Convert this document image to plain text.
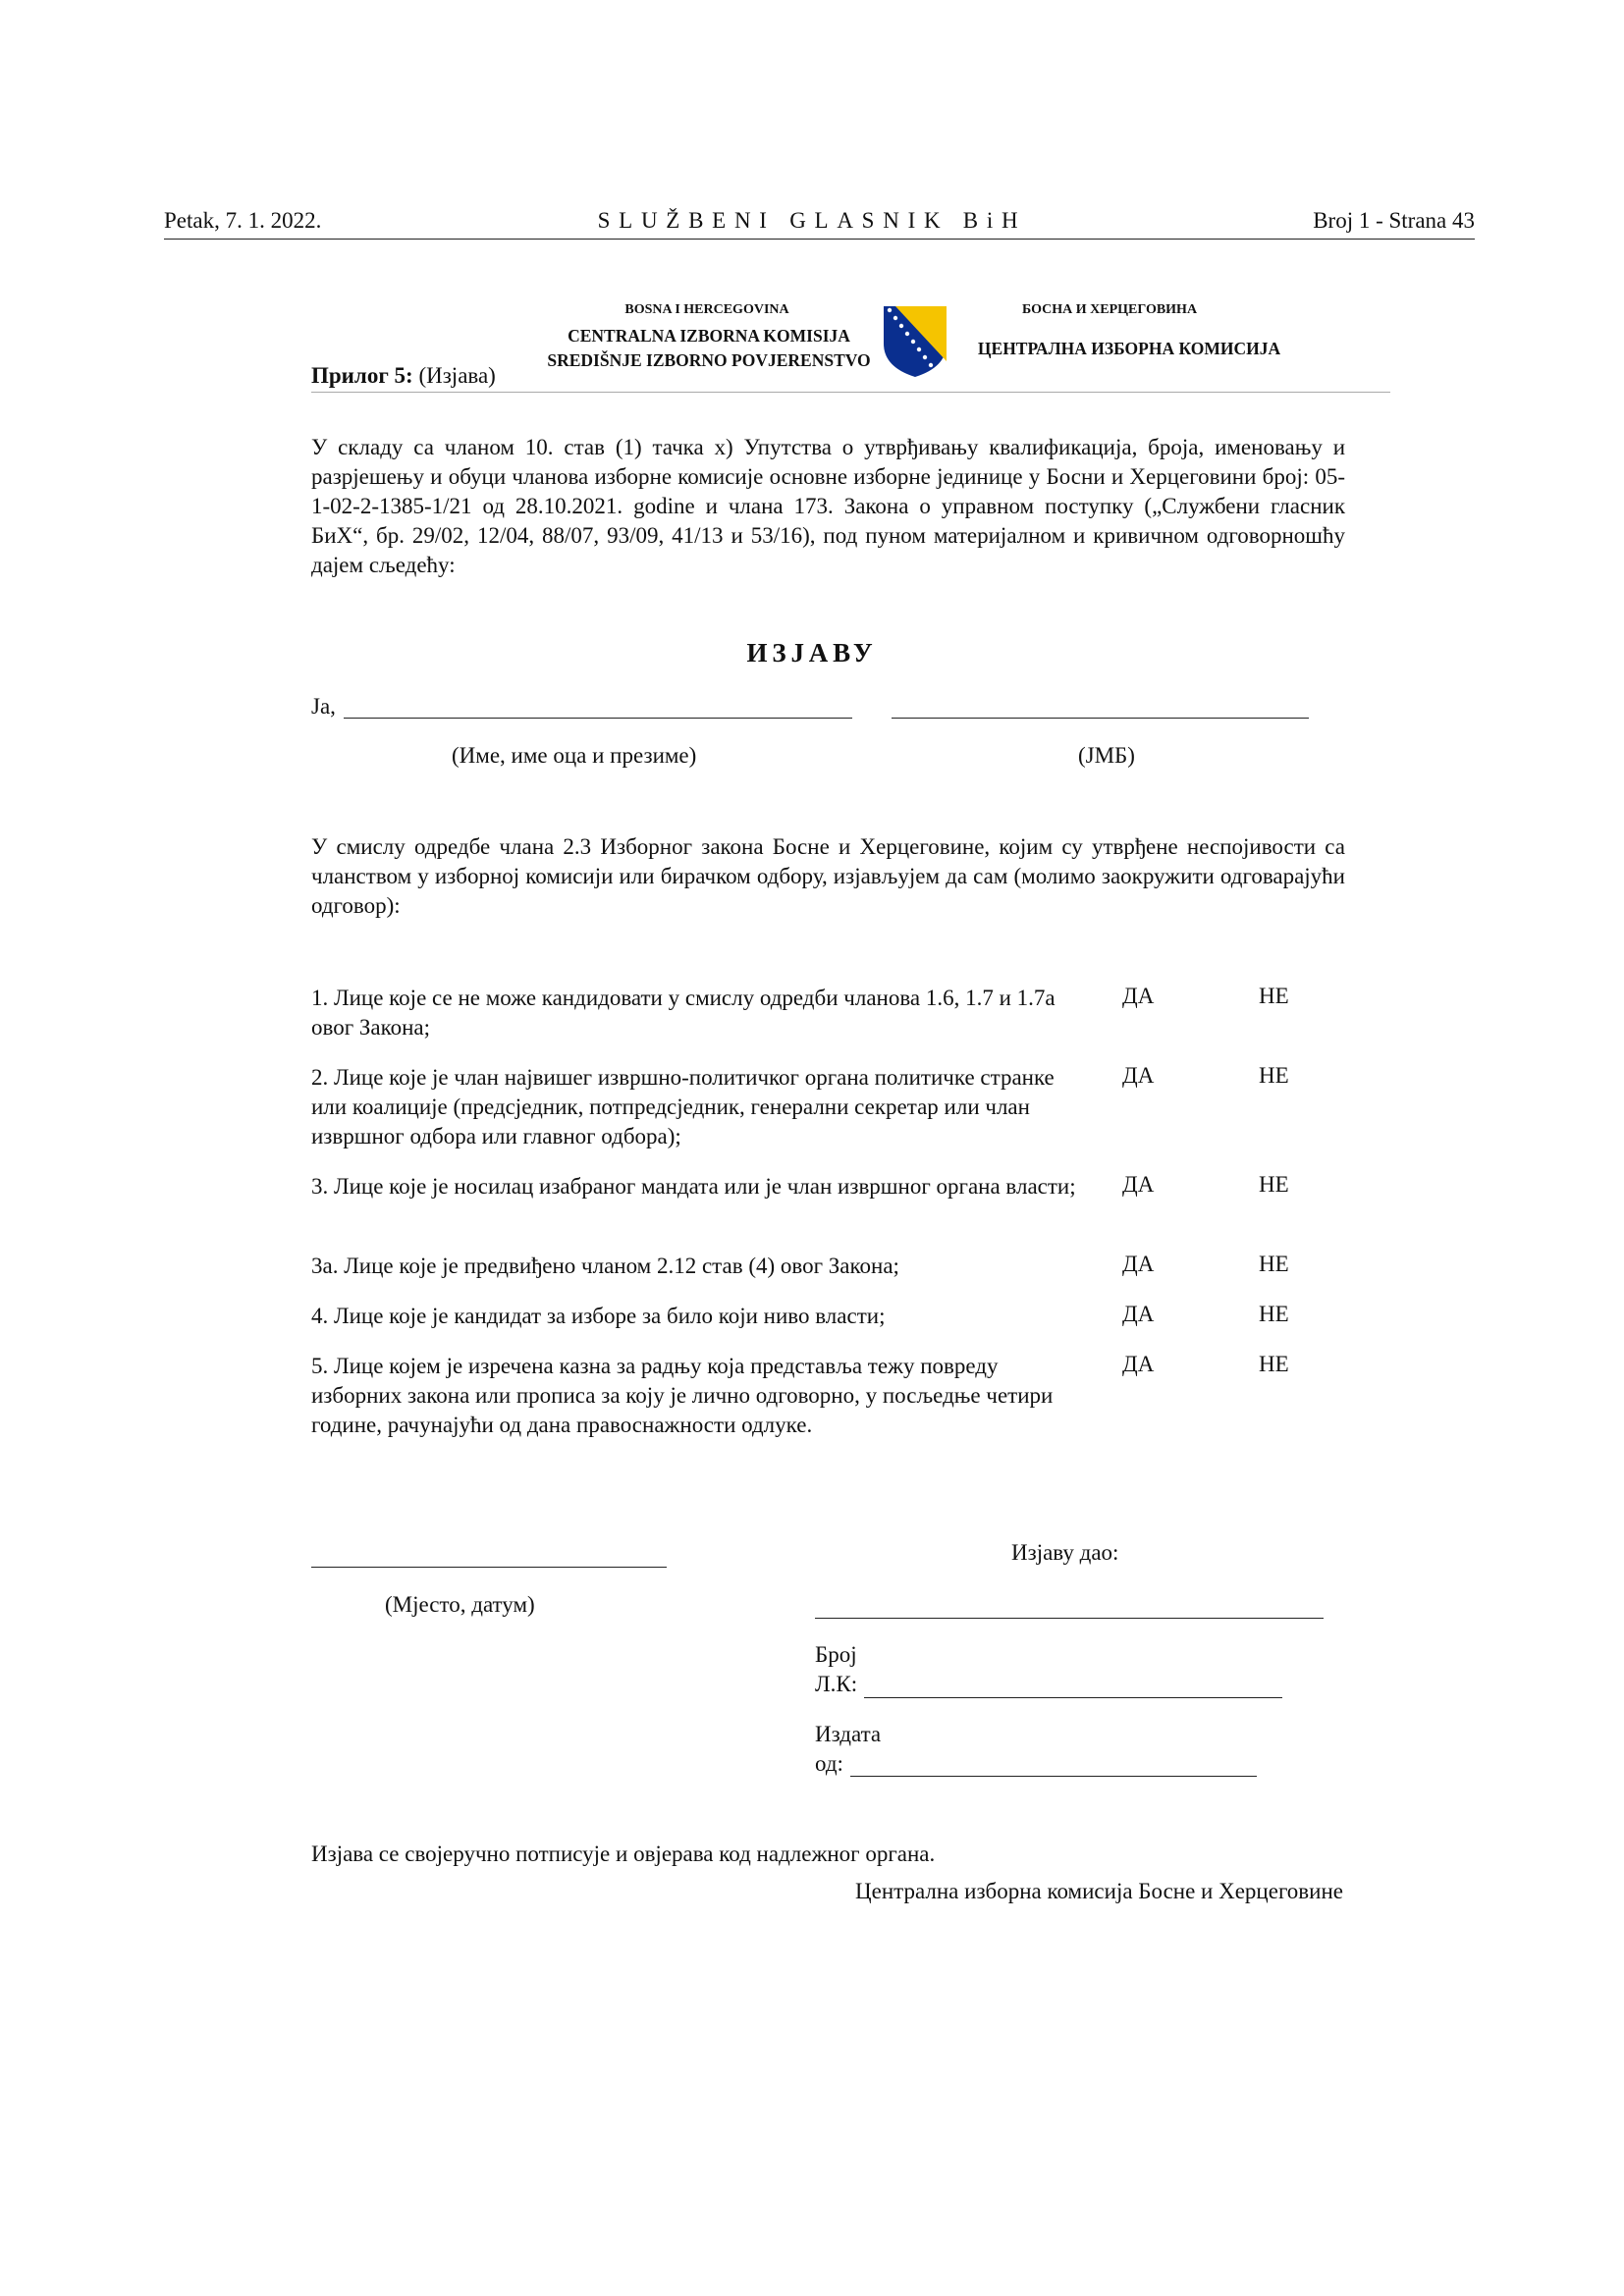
Petak, 7. 1. 2022.	SLUŽBENI GLASNIK BiH	Broj 1 - Strana 43
BOSNA I HERCEGOVINA
CENTRALNA IZBORNA KOMISIJA
SREDIŠNJE IZBORNO POVJERENSTVO
БОСНА И ХЕРЦЕГОВИНА
ЦЕНТРАЛНА ИЗБОРНА КОМИСИЈА
Прилог 5: (Изјава)
У складу са чланом 10. став (1) тачка х) Упутства о утврђивању квалификација, броја, именовању и разрјешењу и обуци чланова изборне комисије основне изборне јединице у Босни и Херцеговини број: 05-1-02-2-1385-1/21 од 28.10.2021. godine и члана 173. Закона о управном поступку („Службени гласник БиХ“, бр. 29/02, 12/04, 88/07, 93/09, 41/13 и 53/16), под пуном материјалном и кривичном одговорношћу дајем сљедећу:
ИЗЈАВУ
Ја,
(Име, име оца и презиме)	(ЈМБ)
У смислу одредбе члана 2.3 Изборног закона Босне и Херцеговине, којим су утврђене неспојивости са чланством у изборној комисији или бирачком одбору, изјављујем да сам (молимо заокружити одговарајући одговор):
1. Лице које се не може кандидовати у смислу одредби чланова 1.6, 1.7 и 1.7а овог Закона;
ДА	НЕ
2. Лице које је члан највишег извршно-политичког органа политичке странке или коалиције (предсједник, потпредсједник, генерални секретар или члан извршног одбора или главног одбора);
ДА	НЕ
3. Лице које је носилац изабраног мандата или је члан извршног органа власти; ДА	НЕ
3а. Лице које је предвиђено чланом 2.12 став (4) овог Закона;	ДА	НЕ
4. Лице које је кандидат за изборе за било који ниво власти;	ДА	НЕ
5. Лице којем је изречена казна за радњу која представља тежу повреду изборних закона или прописа за коју је лично одговорно, у посљедње четири године, рачунајући од дана правоснажности одлуке.
ДА	НЕ
(Мјесто, датум)
Изјаву дао:
Број
Л.К:
Издата
од:
Изјава се својеручно потписује и овјерава код надлежног органа.
Централна изборна комисија Босне и Херцеговине
